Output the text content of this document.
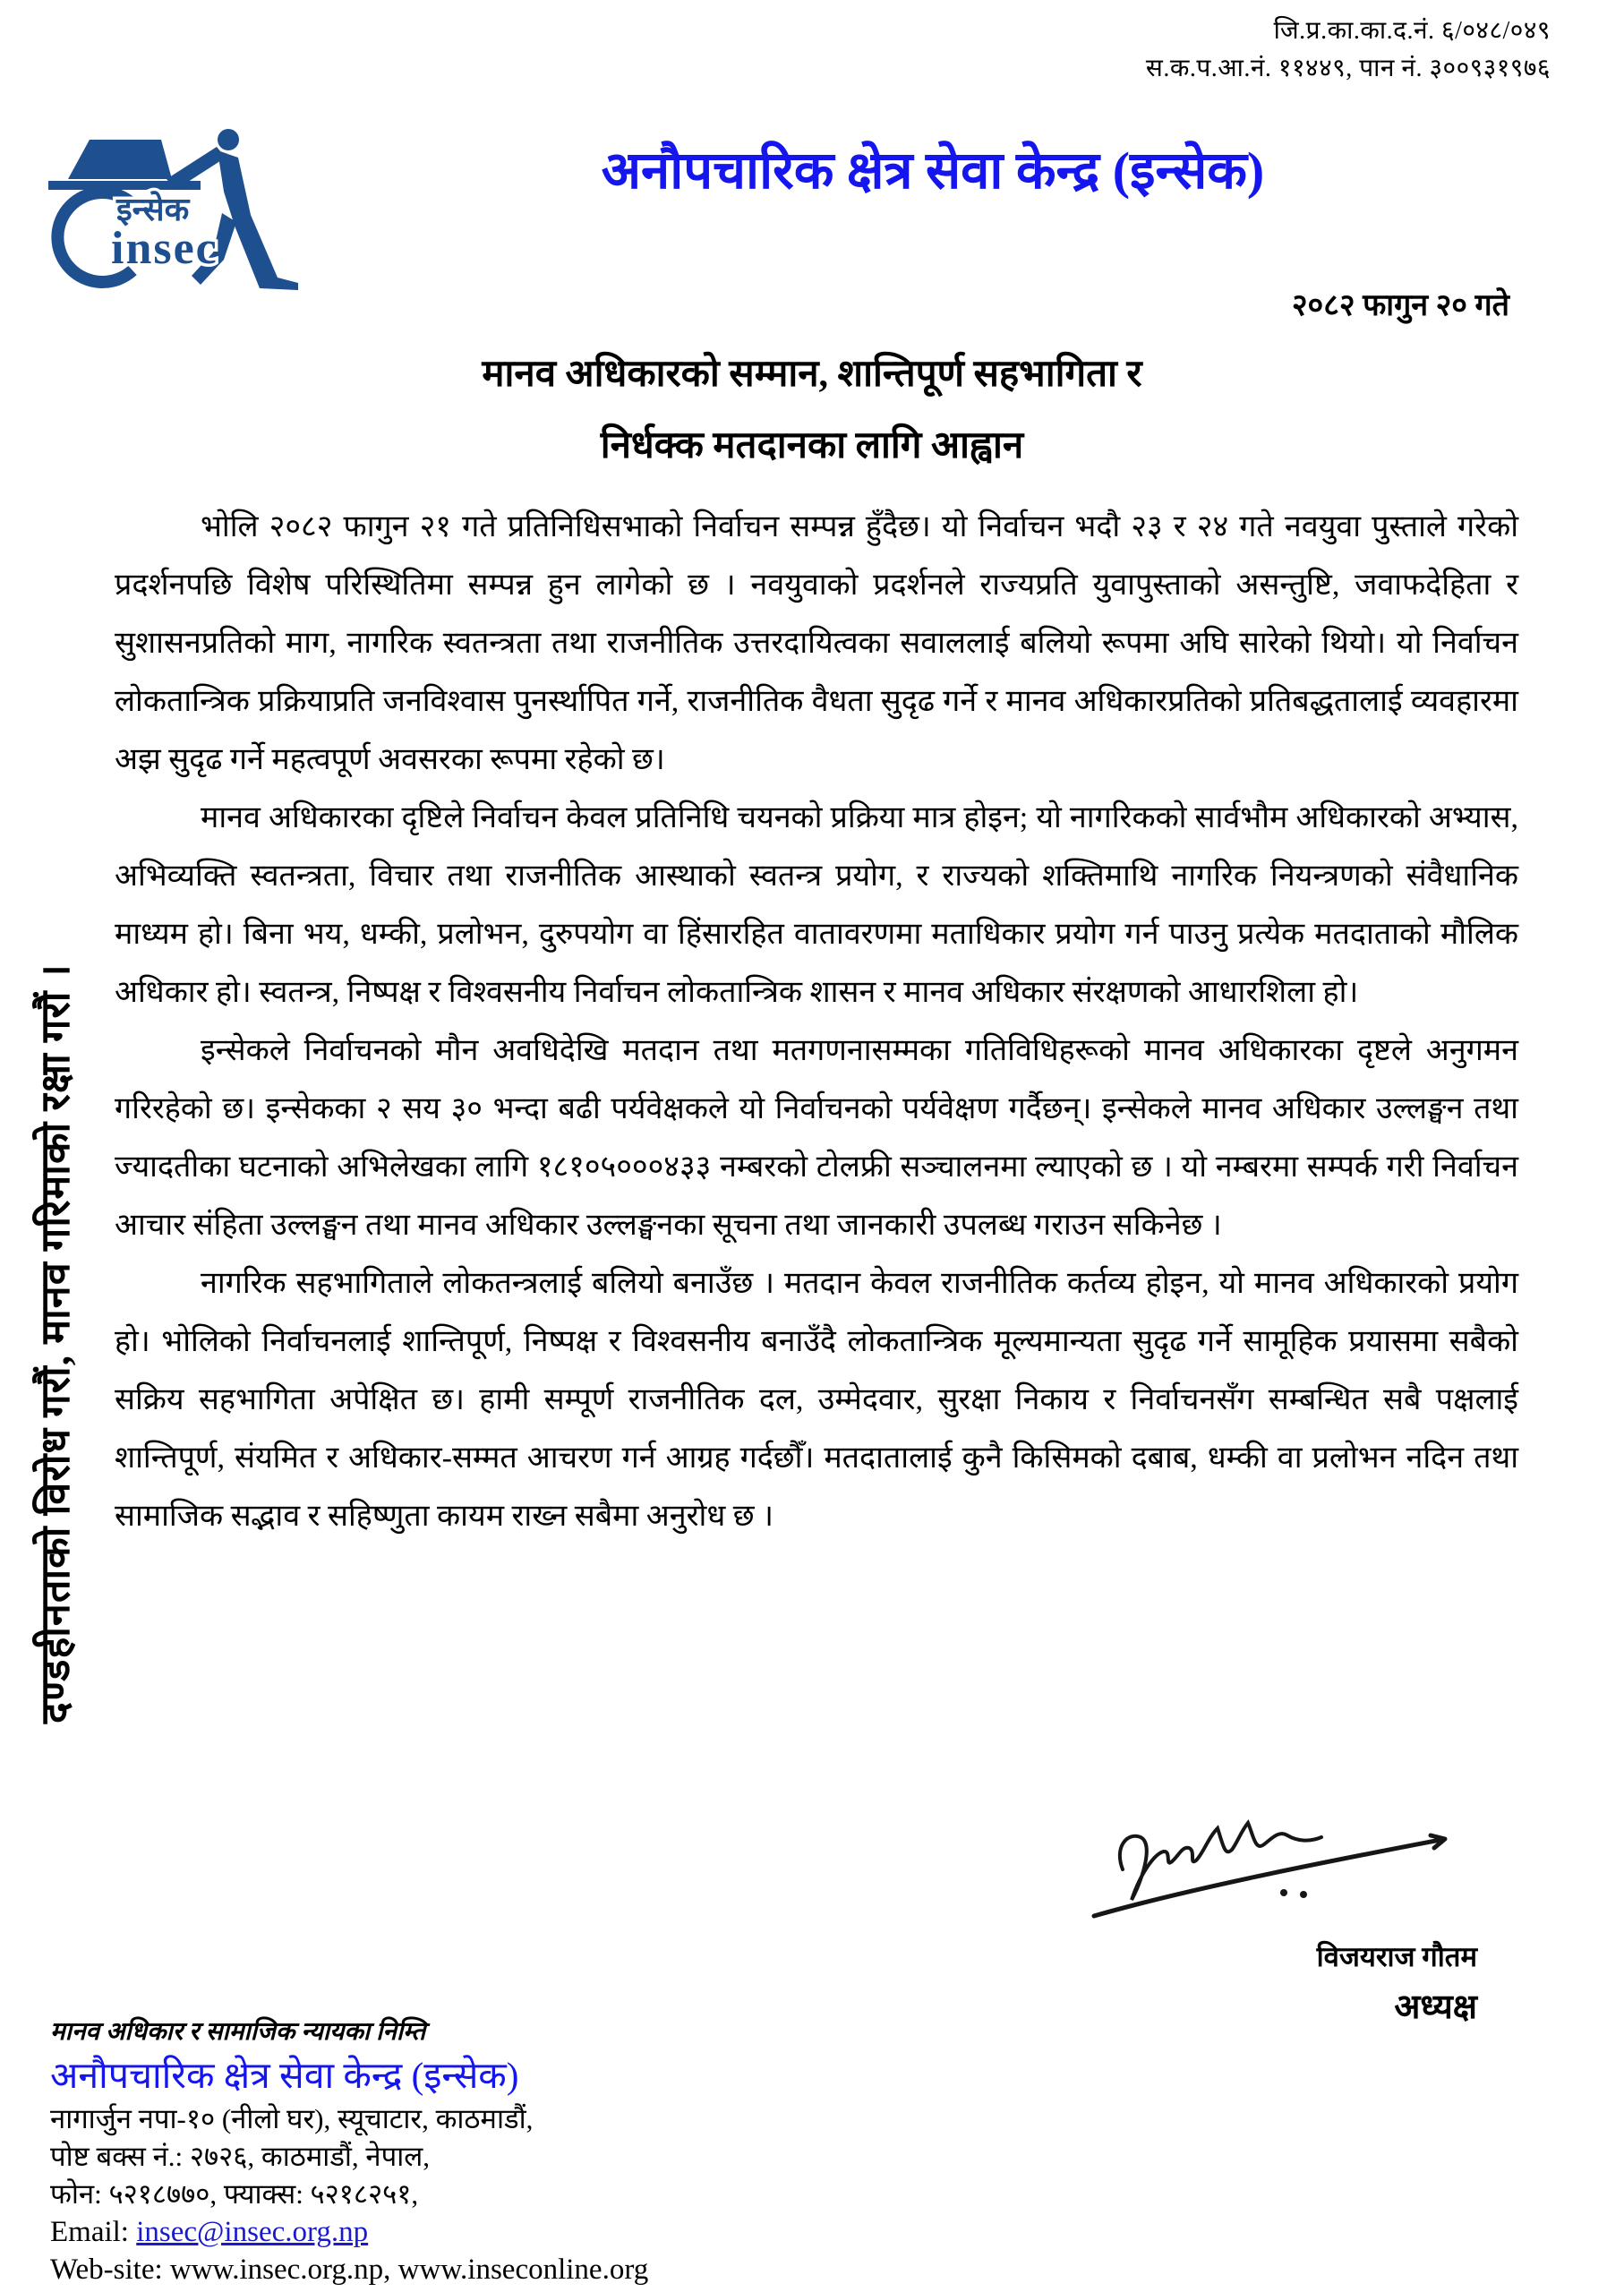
जि.प्र.का.का.द.नं. ६/०४८/०४९
स.क.प.आ.नं. ११४४९, पान नं. ३००९३१९७६
इन्सेक
insec
अनौपचारिक क्षेत्र सेवा केन्द्र (इन्सेक)
२०८२ फागुन २० गते
मानव अधिकारको सम्मान, शान्तिपूर्ण सहभागिता र
निर्धक्क मतदानका लागि आह्वान
दण्डहीनताको विरोध गरौं, मानव गरिमाको रक्षा गरौं ।

भोलि २०८२ फागुन २१ गते प्रतिनिधिसभाको निर्वाचन सम्पन्न हुँदैछ। यो निर्वाचन भदौ २३ र २४ गते नवयुवा पुस्ताले गरेको प्रदर्शनपछि विशेष परिस्थितिमा सम्पन्न हुन लागेको छ । नवयुवाको प्रदर्शनले राज्यप्रति युवापुस्ताको असन्तुष्टि, जवाफदेहिता र सुशासनप्रतिको माग, नागरिक स्वतन्त्रता तथा राजनीतिक उत्तरदायित्वका सवाललाई बलियो रूपमा अघि सारेको थियो। यो निर्वाचन लोकतान्त्रिक प्रक्रियाप्रति जनविश्वास पुनर्स्थापित गर्ने, राजनीतिक वैधता सुदृढ गर्ने र मानव अधिकारप्रतिको प्रतिबद्धतालाई व्यवहारमा अझ सुदृढ गर्ने महत्वपूर्ण अवसरका रूपमा रहेको छ।

मानव अधिकारका दृष्टिले निर्वाचन केवल प्रतिनिधि चयनको प्रक्रिया मात्र होइन; यो नागरिकको सार्वभौम अधिकारको अभ्यास, अभिव्यक्ति स्वतन्त्रता, विचार तथा राजनीतिक आस्थाको स्वतन्त्र प्रयोग, र राज्यको शक्तिमाथि नागरिक नियन्त्रणको संवैधानिक माध्यम हो। बिना भय, धम्की, प्रलोभन, दुरुपयोग वा हिंसारहित वातावरणमा मताधिकार प्रयोग गर्न पाउनु प्रत्येक मतदाताको मौलिक अधिकार हो। स्वतन्त्र, निष्पक्ष र विश्वसनीय निर्वाचन लोकतान्त्रिक शासन र मानव अधिकार संरक्षणको आधारशिला हो।

इन्सेकले निर्वाचनको मौन अवधिदेखि मतदान तथा मतगणनासम्मका गतिविधिहरूको मानव अधिकारका दृष्टले अनुगमन गरिरहेको छ। इन्सेकका २ सय ३० भन्दा बढी पर्यवेक्षकले यो निर्वाचनको पर्यवेक्षण गर्दैछन्। इन्सेकले मानव अधिकार उल्लङ्घन तथा ज्यादतीका घटनाको अभिलेखका लागि १८१०५०००४३३ नम्बरको टोलफ्री सञ्चालनमा ल्याएको छ । यो नम्बरमा सम्पर्क गरी निर्वाचन आचार संहिता उल्लङ्घन तथा मानव अधिकार उल्लङ्घनका सूचना तथा जानकारी उपलब्ध गराउन सकिनेछ ।

नागरिक सहभागिताले लोकतन्त्रलाई बलियो बनाउँछ । मतदान केवल राजनीतिक कर्तव्य होइन, यो मानव अधिकारको प्रयोग हो। भोलिको निर्वाचनलाई शान्तिपूर्ण, निष्पक्ष र विश्वसनीय बनाउँदै लोकतान्त्रिक मूल्यमान्यता सुदृढ गर्ने सामूहिक प्रयासमा सबैको सक्रिय सहभागिता अपेक्षित छ। हामी सम्पूर्ण राजनीतिक दल, उम्मेदवार, सुरक्षा निकाय र निर्वाचनसँग सम्बन्धित सबै पक्षलाई शान्तिपूर्ण, संयमित र अधिकार-सम्मत आचरण गर्न आग्रह गर्दछौँ। मतदातालाई कुनै किसिमको दबाब, धम्की वा प्रलोभन नदिन तथा सामाजिक सद्भाव र सहिष्णुता कायम राख्न सबैमा अनुरोध छ ।

विजयराज गौतम
अध्यक्ष
मानव अधिकार र सामाजिक न्यायका निम्ति
अनौपचारिक क्षेत्र सेवा केन्द्र (इन्सेक)
नागार्जुन नपा-१० (नीलो घर), स्यूचाटार, काठमाडौं,
पोष्ट बक्स नं.: २७२६, काठमाडौं, नेपाल,
फोन: ५२१८७७०, फ्याक्स: ५२१८२५१,
Email: insec@insec.org.np
Web-site: www.insec.org.np, www.inseconline.org
